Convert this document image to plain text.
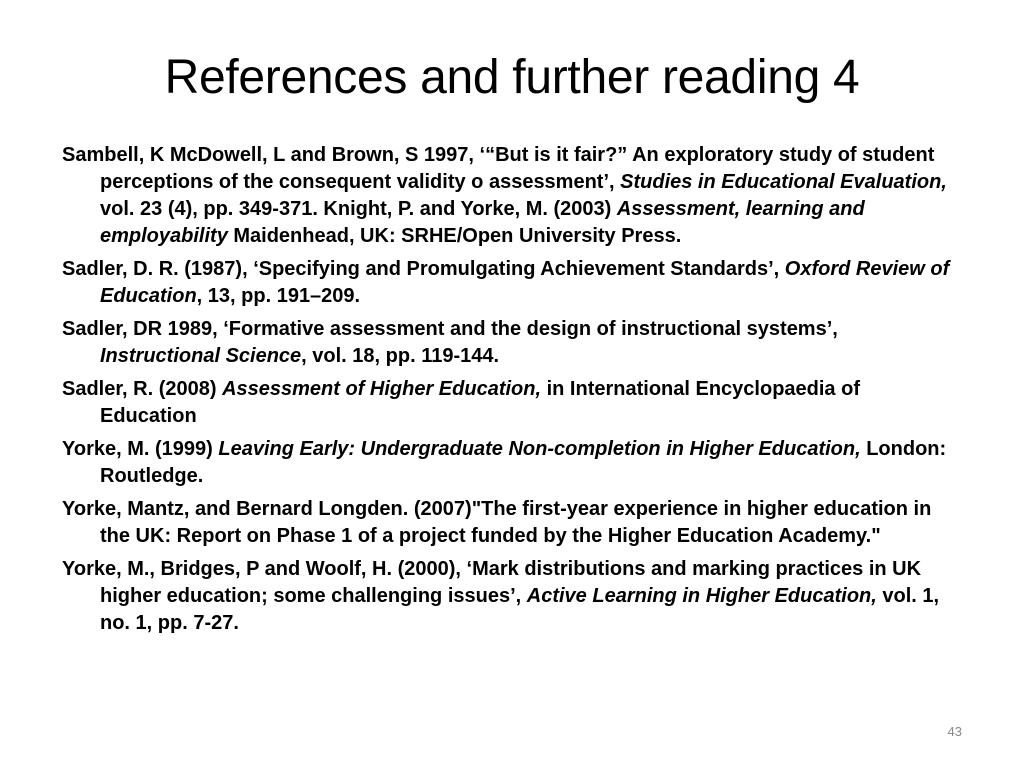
References and further reading 4
Sambell, K McDowell, L and Brown, S 1997, ‘“But is it fair?” An exploratory study of student perceptions of the consequent validity o assessment’, Studies in Educational Evaluation, vol. 23 (4), pp. 349-371. Knight, P. and Yorke, M. (2003) Assessment, learning and employability Maidenhead, UK: SRHE/Open University Press.
Sadler, D. R. (1987), ‘Specifying and Promulgating Achievement Standards’, Oxford Review of Education, 13, pp. 191–209.
Sadler, DR 1989, ‘Formative assessment and the design of instructional systems’, Instructional Science, vol. 18, pp. 119-144.
Sadler, R. (2008) Assessment of Higher Education, in International Encyclopaedia of Education
Yorke, M. (1999) Leaving Early: Undergraduate Non-completion in Higher Education, London: Routledge.
Yorke, Mantz, and Bernard Longden. (2007)"The first-year experience in higher education in the UK: Report on Phase 1 of a project funded by the Higher Education Academy."
Yorke, M., Bridges, P and Woolf, H. (2000), ‘Mark distributions and marking practices in UK higher education; some challenging issues’, Active Learning in Higher Education, vol. 1, no. 1, pp. 7-27.
43
